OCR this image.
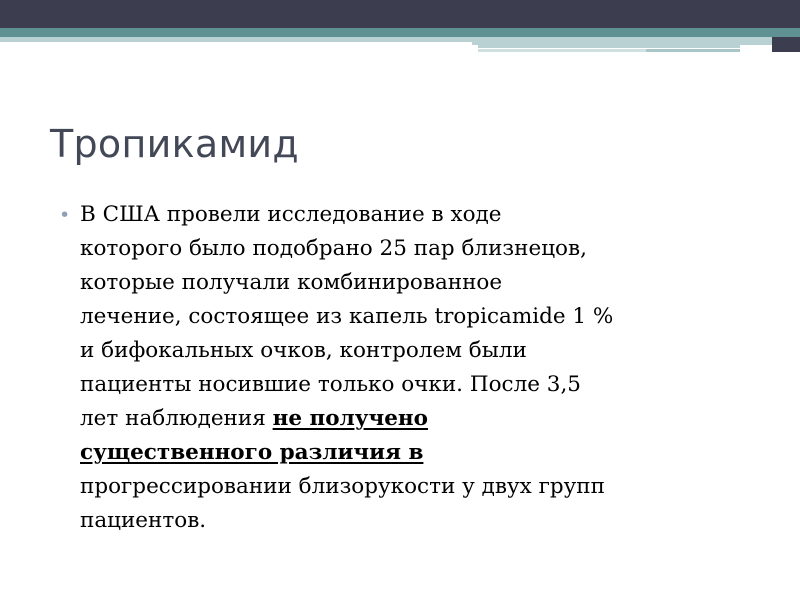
Тропикамид
• В США провели исследование в ходе
которого было подобрано 25 пар близнецов,
которые получали комбинированное
лечение, состоящее из капель tropicamide 1 %
и бифокальных очков, контролем были
пациенты носившие только очки. После 3,5
лет наблюдения не получено
существенного различия в
прогрессировании близорукости у двух групп
пациентов.
